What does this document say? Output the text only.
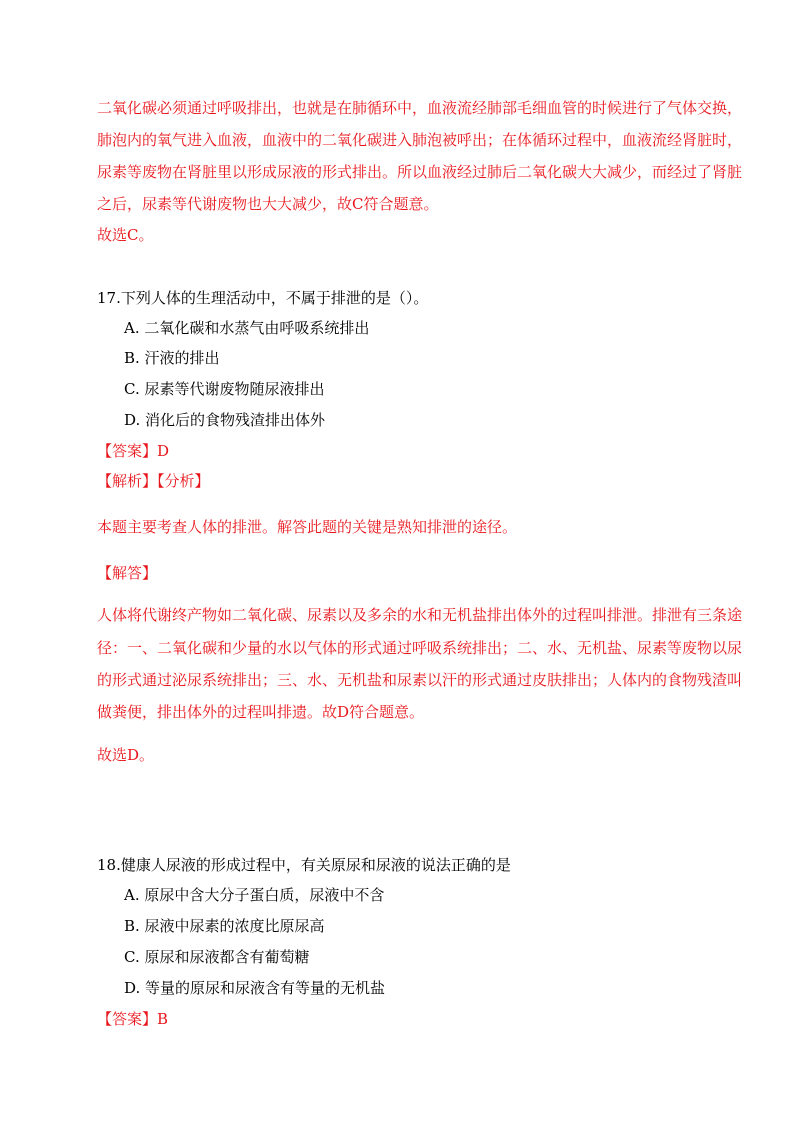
二氧化碳必须通过呼吸排出，也就是在肺循环中，血液流经肺部毛细血管的时候进行了气体交换，
肺泡内的氧气进入血液，血液中的二氧化碳进入肺泡被呼出；在体循环过程中，血液流经肾脏时，
尿素等废物在肾脏里以形成尿液的形式排出。所以血液经过肺后二氧化碳大大减少，而经过了肾脏
之后，尿素等代谢废物也大大减少，故C符合题意。
故选C。
17.下列人体的生理活动中，不属于排泄的是（）。
A. 二氧化碳和水蒸气由呼吸系统排出
B. 汗液的排出
C. 尿素等代谢废物随尿液排出
D. 消化后的食物残渣排出体外
【答案】D
【解析】【分析】
本题主要考查人体的排泄。解答此题的关键是熟知排泄的途径。
【解答】
人体将代谢终产物如二氧化碳、尿素以及多余的水和无机盐排出体外的过程叫排泄。排泄有三条途
径：一、二氧化碳和少量的水以气体的形式通过呼吸系统排出；二、水、无机盐、尿素等废物以尿
的形式通过泌尿系统排出；三、水、无机盐和尿素以汗的形式通过皮肤排出；人体内的食物残渣叫
做粪便，排出体外的过程叫排遗。故D符合题意。
故选D。
18.健康人尿液的形成过程中，有关原尿和尿液的说法正确的是
A. 原尿中含大分子蛋白质，尿液中不含
B. 尿液中尿素的浓度比原尿高
C. 原尿和尿液都含有葡萄糖
D. 等量的原尿和尿液含有等量的无机盐
【答案】B
